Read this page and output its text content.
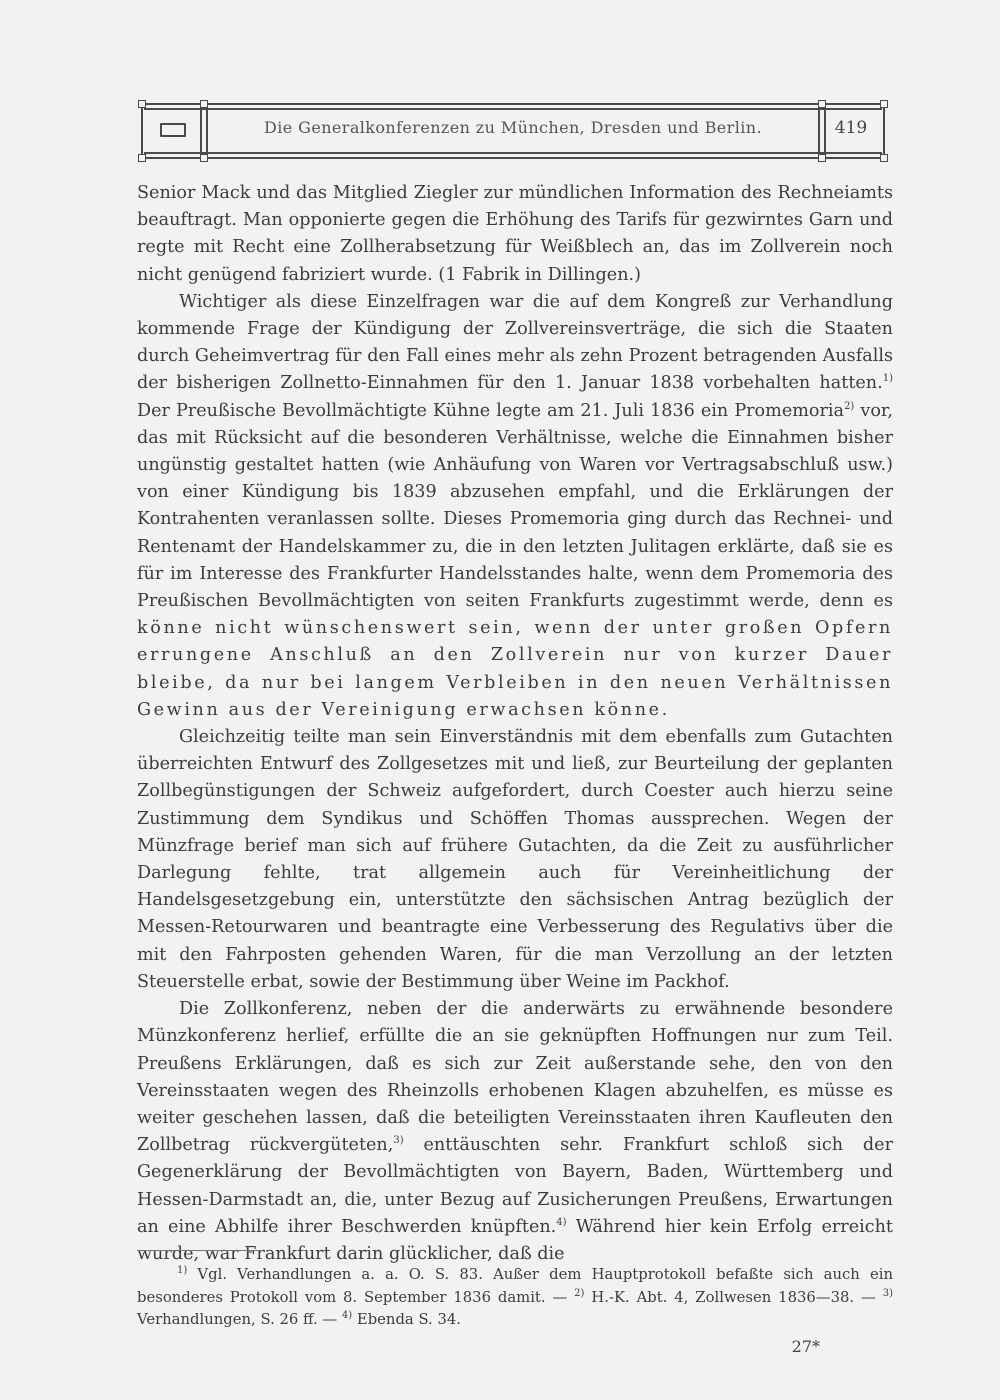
Die Generalkonferenzen zu München, Dresden und Berlin.	419

Senior Mack und das Mitglied Ziegler zur mündlichen Information des Rechneiamts beauftragt. Man opponierte gegen die Erhöhung des Tarifs für gezwirntes Garn und regte mit Recht eine Zollherabsetzung für Weißblech an, das im Zollverein noch nicht genügend fabriziert wurde. (1 Fabrik in Dillingen.)

Wichtiger als diese Einzelfragen war die auf dem Kongreß zur Verhandlung kommende Frage der Kündigung der Zollvereinsverträge, die sich die Staaten durch Geheimvertrag für den Fall eines mehr als zehn Prozent betragenden Ausfalls der bisherigen Zollnetto-Einnahmen für den 1. Januar 1838 vorbehalten hatten.$^{1)}$ Der Preußische Bevollmächtigte Kühne legte am 21. Juli 1836 ein Promemoria$^{2)}$ vor, das mit Rücksicht auf die besonderen Verhältnisse, welche die Einnahmen bisher ungünstig gestaltet hatten (wie Anhäufung von Waren vor Vertragsabschluß usw.) von einer Kündigung bis 1839 abzusehen empfahl, und die Erklärungen der Kontrahenten veranlassen sollte. Dieses Promemoria ging durch das Rechnei- und Rentenamt der Handelskammer zu, die in den letzten Julitagen erklärte, daß sie es für im Interesse des Frankfurter Handelsstandes halte, wenn dem Promemoria des Preußischen Bevollmächtigten von seiten Frankfurts zugestimmt werde, denn es könne nicht wünschenswert sein, wenn der unter großen Opfern errungene Anschluß an den Zollverein nur von kurzer Dauer bleibe, da nur bei langem Verbleiben in den neuen Verhältnissen Gewinn aus der Vereinigung erwachsen könne.

Gleichzeitig teilte man sein Einverständnis mit dem ebenfalls zum Gutachten überreichten Entwurf des Zollgesetzes mit und ließ, zur Beurteilung der geplanten Zollbegünstigungen der Schweiz aufgefordert, durch Coester auch hierzu seine Zustimmung dem Syndikus und Schöffen Thomas aussprechen. Wegen der Münzfrage berief man sich auf frühere Gutachten, da die Zeit zu ausführlicher Darlegung fehlte, trat allgemein auch für Vereinheitlichung der Handelsgesetzgebung ein, unterstützte den sächsischen Antrag bezüglich der Messen-Retourwaren und beantragte eine Verbesserung des Regulativs über die mit den Fahrposten gehenden Waren, für die man Verzollung an der letzten Steuerstelle erbat, sowie der Bestimmung über Weine im Packhof.

Die Zollkonferenz, neben der die anderwärts zu erwähnende besondere Münzkonferenz herlief, erfüllte die an sie geknüpften Hoffnungen nur zum Teil. Preußens Erklärungen, daß es sich zur Zeit außerstande sehe, den von den Vereinsstaaten wegen des Rheinzolls erhobenen Klagen abzuhelfen, es müsse es weiter geschehen lassen, daß die beteiligten Vereinsstaaten ihren Kaufleuten den Zollbetrag rückvergüteten,$^{3)}$ enttäuschten sehr. Frankfurt schloß sich der Gegenerklärung der Bevollmächtigten von Bayern, Baden, Württemberg und Hessen-Darmstadt an, die, unter Bezug auf Zusicherungen Preußens, Erwartungen an eine Abhilfe ihrer Beschwerden knüpften.$^{4)}$ Während hier kein Erfolg erreicht wurde, war Frankfurt darin glücklicher, daß die

$^{1)}$ Vgl. Verhandlungen a. a. O. S. 83. Außer dem Hauptprotokoll befaßte sich auch ein besonderes Protokoll vom 8. September 1836 damit. — $^{2)}$ H.-K. Abt. 4, Zollwesen 1836—38. — $^{3)}$ Verhandlungen, S. 26 ff. — $^{4)}$ Ebenda S. 34.

27*
